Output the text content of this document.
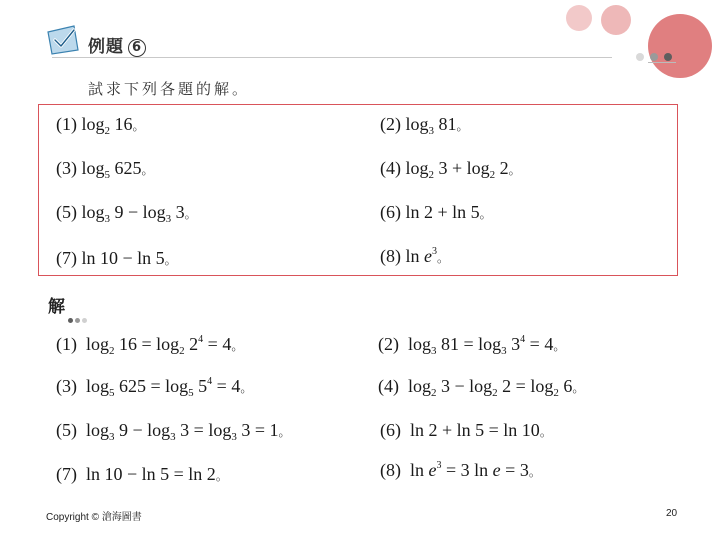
例題 6
試求下列各題的解。
(1) $\log_2 16$。	(2) $\log_3 81$。
(3) $\log_5 625$。	(4) $\log_2 3 + \log_2 2$。
(5) $\log_3 9 - \log_3 3$。	(6) ln 2 + ln 5。
(7) ln 10 − ln 5。	(8) $\ln e^3$。
解
(1) $\log_2 16 = \log_2 2^4 = 4$。	(2) $\log_3 81 = \log_3 3^4 = 4$。
(3) $\log_5 625 = \log_5 5^4 = 4$。	(4) $\log_2 3 - \log_2 2 = \log_2 6$。
(5) $\log_3 9 - \log_3 3 = \log_3 3 = 1$。	(6) ln 2 + ln 5 = ln 10。
(7) ln 10 − ln 5 = ln 2。	(8) $\ln e^3 = 3$ ln e = 3。
Copyright © 滄海圖書	20
